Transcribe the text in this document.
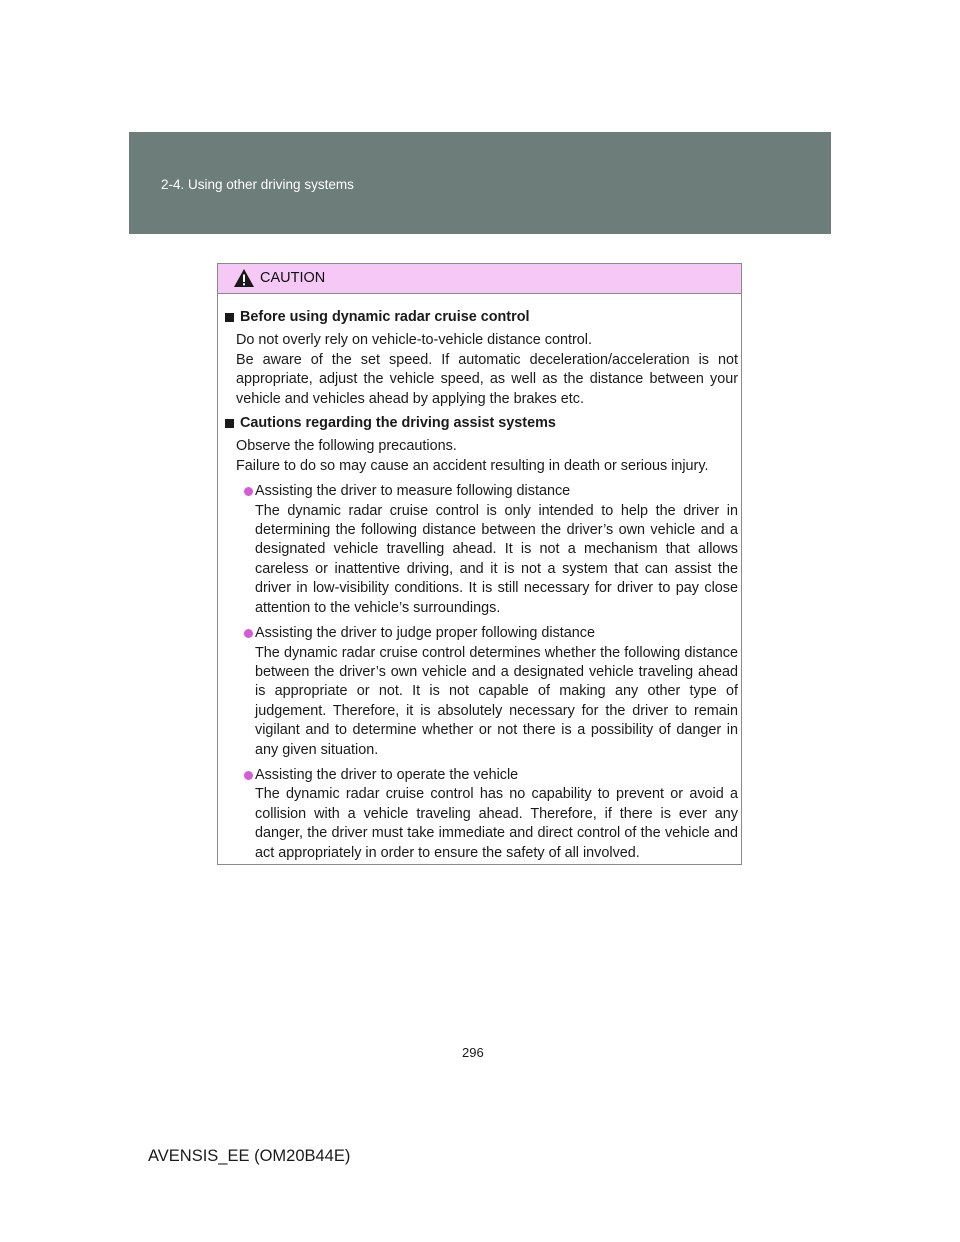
2-4. Using other driving systems
CAUTION
Before using dynamic radar cruise control
Do not overly rely on vehicle-to-vehicle distance control.
Be aware of the set speed. If automatic deceleration/acceleration is not appropriate, adjust the vehicle speed, as well as the distance between your vehicle and vehicles ahead by applying the brakes etc.
Cautions regarding the driving assist systems
Observe the following precautions.
Failure to do so may cause an accident resulting in death or serious injury.
Assisting the driver to measure following distance
The dynamic radar cruise control is only intended to help the driver in determining the following distance between the driver’s own vehicle and a designated vehicle travelling ahead. It is not a mechanism that allows careless or inattentive driving, and it is not a system that can assist the driver in low-visibility conditions. It is still necessary for driver to pay close attention to the vehicle’s surroundings.
Assisting the driver to judge proper following distance
The dynamic radar cruise control determines whether the following distance between the driver’s own vehicle and a designated vehicle traveling ahead is appropriate or not. It is not capable of making any other type of judgement. Therefore, it is absolutely necessary for the driver to remain vigilant and to determine whether or not there is a possibility of danger in any given situation.
Assisting the driver to operate the vehicle
The dynamic radar cruise control has no capability to prevent or avoid a collision with a vehicle traveling ahead. Therefore, if there is ever any danger, the driver must take immediate and direct control of the vehicle and act appropriately in order to ensure the safety of all involved.
296
AVENSIS_EE (OM20B44E)
